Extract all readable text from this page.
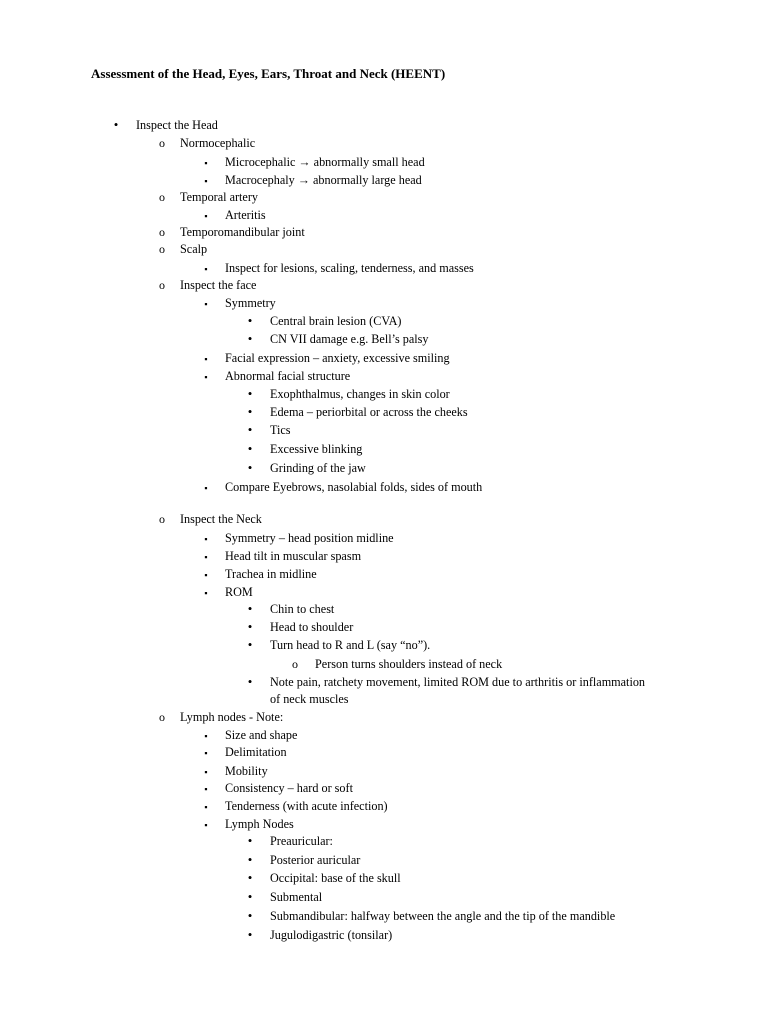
Assessment of the Head, Eyes, Ears, Throat and Neck (HEENT)
•	Inspect the Head
o	Normocephalic
▪	Microcephalic → abnormally small head
▪	Macrocephaly → abnormally large head
o	Temporal artery
▪	Arteritis
o	Temporomandibular joint
o	Scalp
▪	Inspect for lesions, scaling, tenderness, and masses
o	Inspect the face
▪	Symmetry
•	Central brain lesion (CVA)
•	CN VII damage e.g. Bell’s palsy
▪	Facial expression – anxiety, excessive smiling
▪	Abnormal facial structure
•	Exophthalmus, changes in skin color
•	Edema – periorbital or across the cheeks
•	Tics
•	Excessive blinking
•	Grinding of the jaw
▪	Compare Eyebrows, nasolabial folds, sides of mouth
o	Inspect the Neck
▪	Symmetry – head position midline
▪	Head tilt in muscular spasm
▪	Trachea in midline
▪	ROM
•	Chin to chest
•	Head to shoulder
•	Turn head to R and L (say “no”).
o	Person turns shoulders instead of neck
•	Note pain, ratchety movement, limited ROM due to arthritis or inflammation
of neck muscles
o	Lymph nodes - Note:
▪	Size and shape
▪	Delimitation
▪	Mobility
▪	Consistency – hard or soft
▪	Tenderness (with acute infection)
▪	Lymph Nodes
•	Preauricular:
•	Posterior auricular
•	Occipital: base of the skull
•	Submental
•	Submandibular: halfway between the angle and the tip of the mandible
•	Jugulodigastric (tonsilar)
